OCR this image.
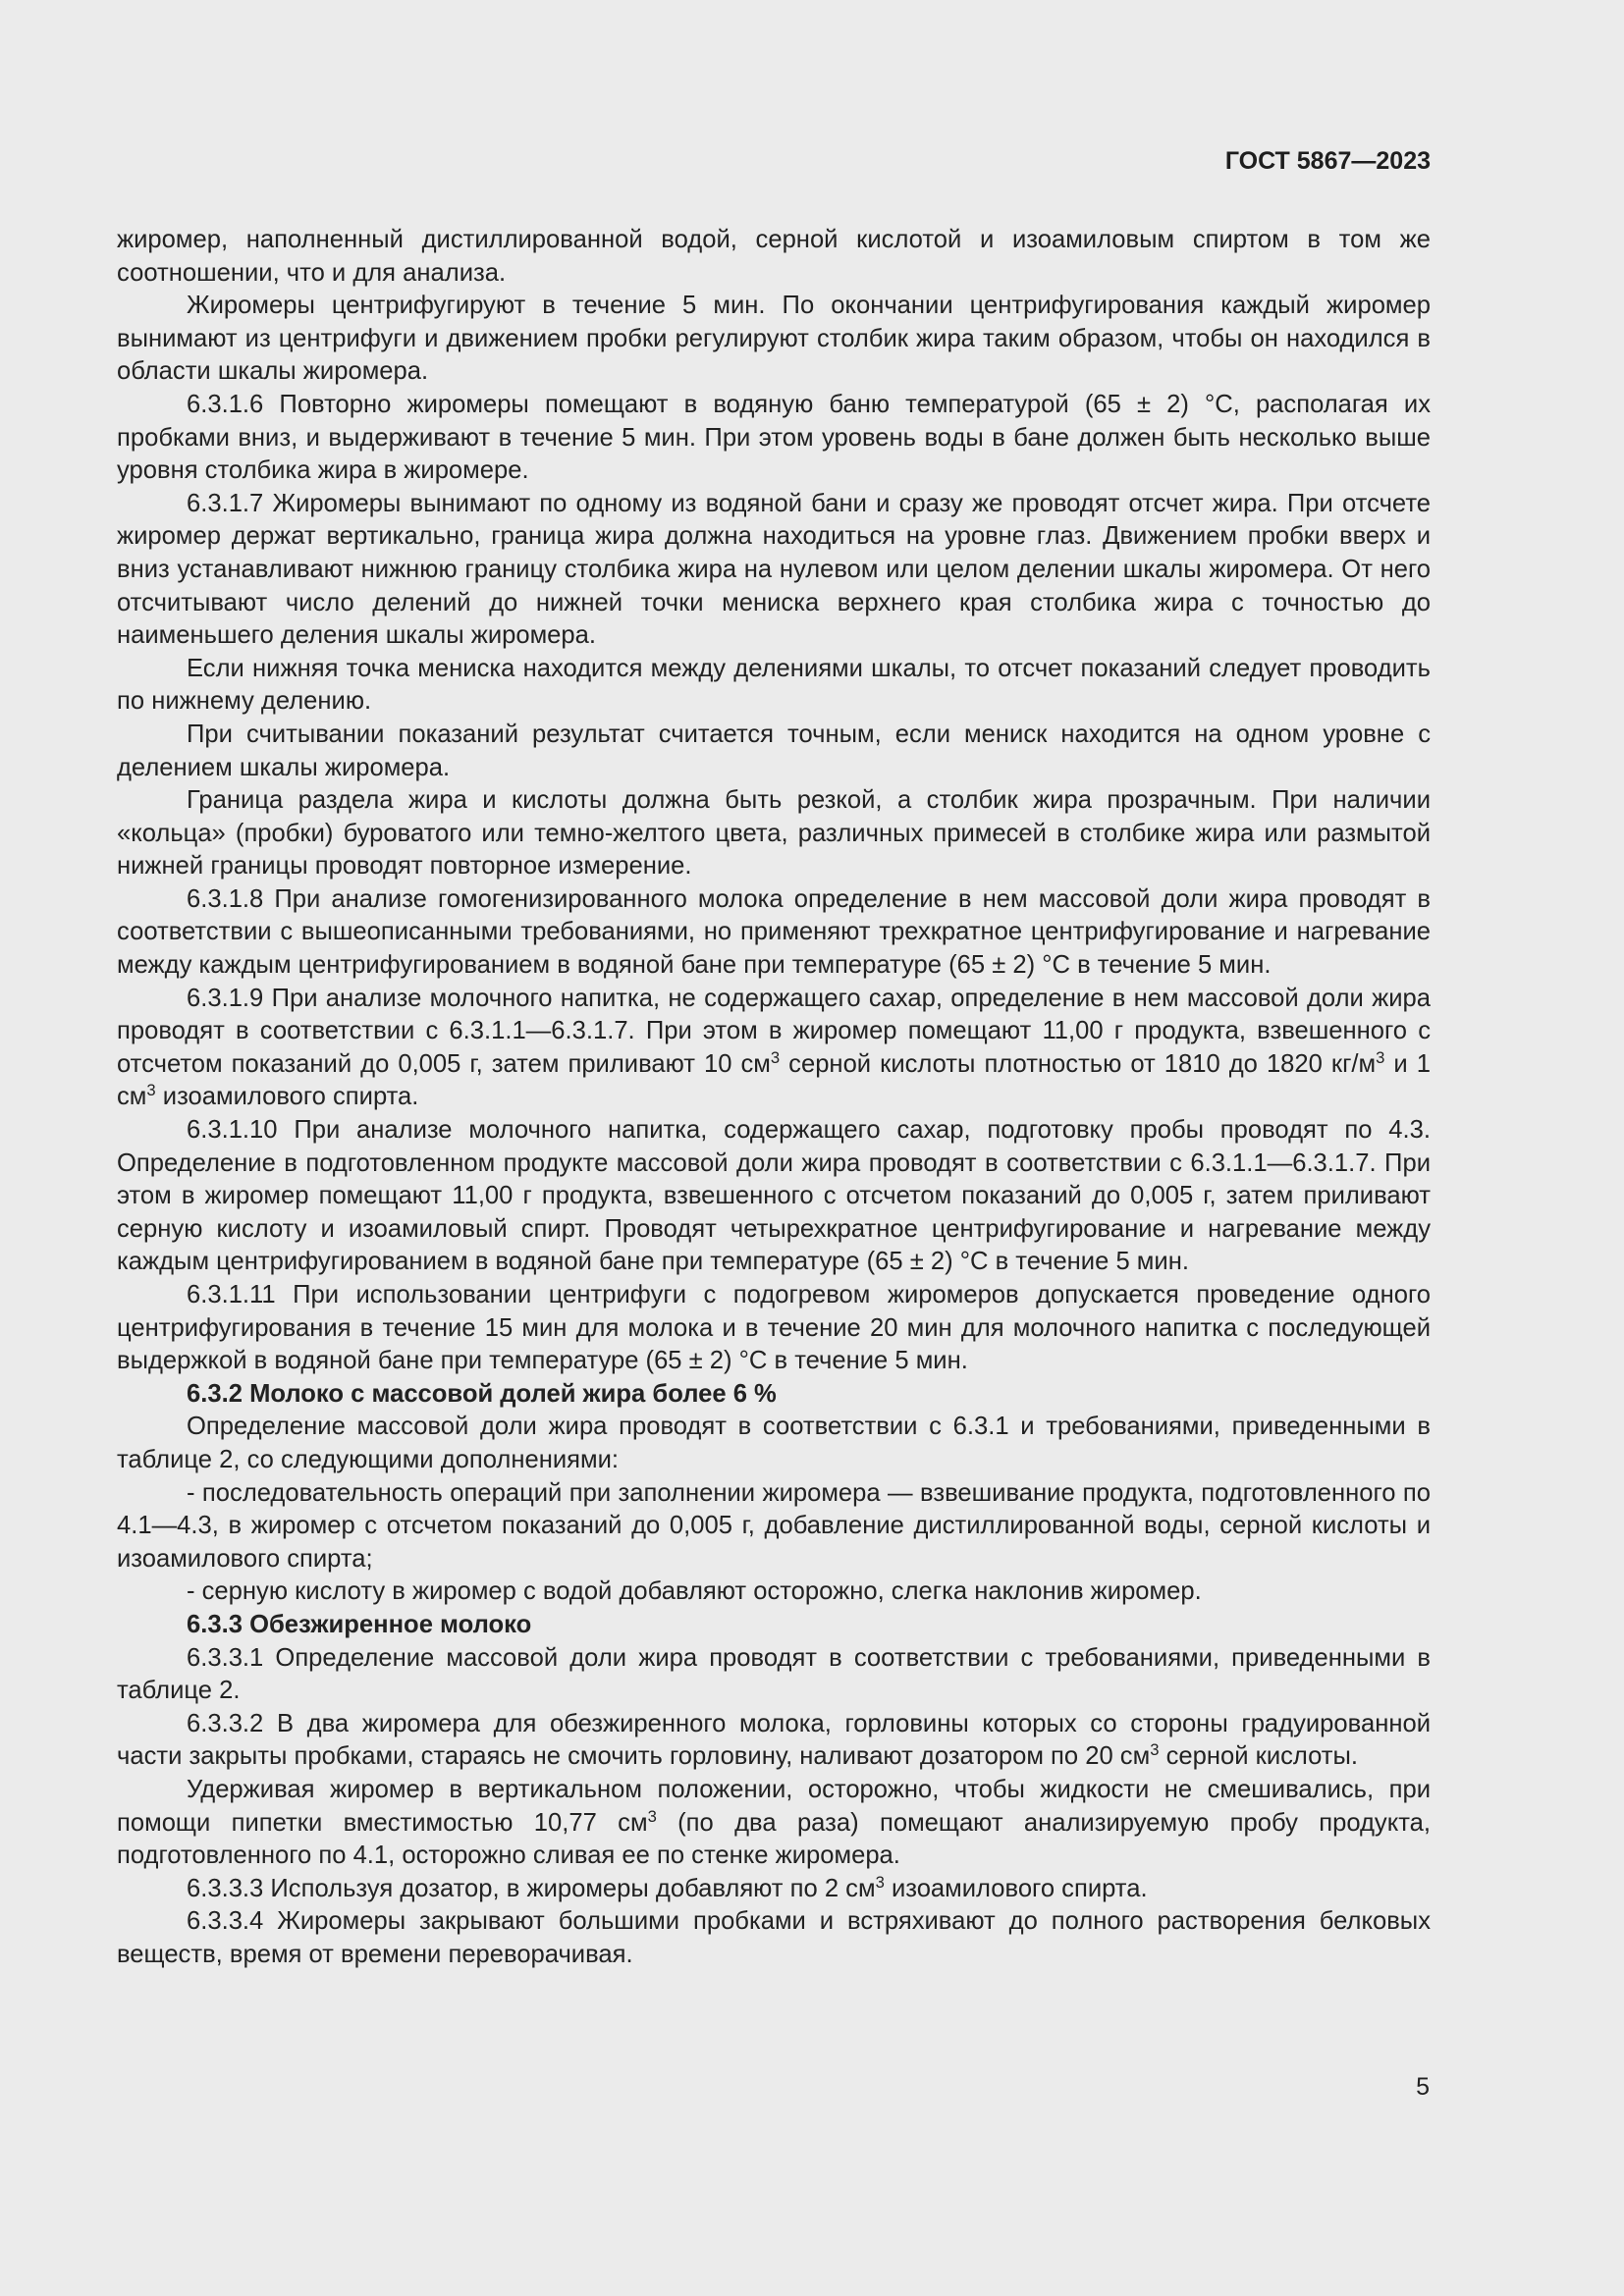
ГОСТ 5867—2023

жиромер, наполненный дистиллированной водой, серной кислотой и изоамиловым спиртом в том же соотношении, что и для анализа.

Жиромеры центрифугируют в течение 5 мин. По окончании центрифугирования каждый жиромер вынимают из центрифуги и движением пробки регулируют столбик жира таким образом, чтобы он находился в области шкалы жиромера.

6.3.1.6 Повторно жиромеры помещают в водяную баню температурой (65 ± 2) °С, располагая их пробками вниз, и выдерживают в течение 5 мин. При этом уровень воды в бане должен быть несколько выше уровня столбика жира в жиромере.

6.3.1.7 Жиромеры вынимают по одному из водяной бани и сразу же проводят отсчет жира. При отсчете жиромер держат вертикально, граница жира должна находиться на уровне глаз. Движением пробки вверх и вниз устанавливают нижнюю границу столбика жира на нулевом или целом делении шкалы жиромера. От него отсчитывают число делений до нижней точки мениска верхнего края столбика жира с точностью до наименьшего деления шкалы жиромера.

Если нижняя точка мениска находится между делениями шкалы, то отсчет показаний следует проводить по нижнему делению.

При считывании показаний результат считается точным, если мениск находится на одном уровне с делением шкалы жиромера.

Граница раздела жира и кислоты должна быть резкой, а столбик жира прозрачным. При наличии «кольца» (пробки) буроватого или темно-желтого цвета, различных примесей в столбике жира или размытой нижней границы проводят повторное измерение.

6.3.1.8 При анализе гомогенизированного молока определение в нем массовой доли жира проводят в соответствии с вышеописанными требованиями, но применяют трехкратное центрифугирование и нагревание между каждым центрифугированием в водяной бане при температуре (65 ± 2) °С в течение 5 мин.

6.3.1.9 При анализе молочного напитка, не содержащего сахар, определение в нем массовой доли жира проводят в соответствии с 6.3.1.1—6.3.1.7. При этом в жиромер помещают 11,00 г продукта, взвешенного с отсчетом показаний до 0,005 г, затем приливают 10 $см^3$ серной кислоты плотностью от 1810 до 1820 $кг/м^3$ и 1 $см^3$ изоамилового спирта.

6.3.1.10 При анализе молочного напитка, содержащего сахар, подготовку пробы проводят по 4.3. Определение в подготовленном продукте массовой доли жира проводят в соответствии с 6.3.1.1—6.3.1.7. При этом в жиромер помещают 11,00 г продукта, взвешенного с отсчетом показаний до 0,005 г, затем приливают серную кислоту и изоамиловый спирт. Проводят четырехкратное центрифугирование и нагревание между каждым центрифугированием в водяной бане при температуре (65 ± 2) °С в течение 5 мин.

6.3.1.11 При использовании центрифуги с подогревом жиромеров допускается проведение одного центрифугирования в течение 15 мин для молока и в течение 20 мин для молочного напитка с последующей выдержкой в водяной бане при температуре (65 ± 2) °С в течение 5 мин.

6.3.2 Молоко с массовой долей жира более 6 %

Определение массовой доли жира проводят в соответствии с 6.3.1 и требованиями, приведенными в таблице 2, со следующими дополнениями:

- последовательность операций при заполнении жиромера — взвешивание продукта, подготовленного по 4.1—4.3, в жиромер с отсчетом показаний до 0,005 г, добавление дистиллированной воды, серной кислоты и изоамилового спирта;

- серную кислоту в жиромер с водой добавляют осторожно, слегка наклонив жиромер.

6.3.3 Обезжиренное молоко

6.3.3.1 Определение массовой доли жира проводят в соответствии с требованиями, приведенными в таблице 2.

6.3.3.2 В два жиромера для обезжиренного молока, горловины которых со стороны градуированной части закрыты пробками, стараясь не смочить горловину, наливают дозатором по 20 $см^3$ серной кислоты.

Удерживая жиромер в вертикальном положении, осторожно, чтобы жидкости не смешивались, при помощи пипетки вместимостью 10,77 $см^3$ (по два раза) помещают анализируемую пробу продукта, подготовленного по 4.1, осторожно сливая ее по стенке жиромера.

6.3.3.3 Используя дозатор, в жиромеры добавляют по 2 $см^3$ изоамилового спирта.

6.3.3.4 Жиромеры закрывают большими пробками и встряхивают до полного растворения белковых веществ, время от времени переворачивая.

5
